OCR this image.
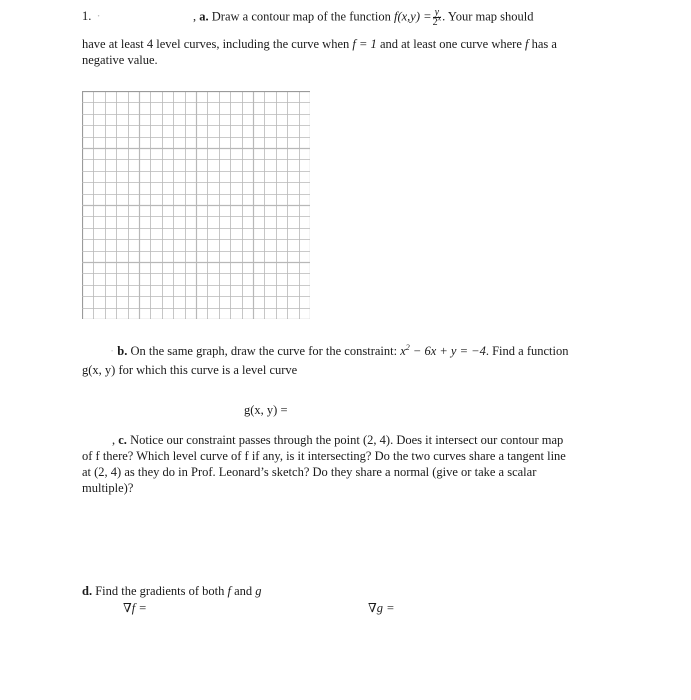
1. ·	, a. Draw a contour map of the function $f(x,y) = \frac{y}{2^x}$ . Your map should
have at least 4 level curves, including the curve when f = 1 and at least one curve where f has a
negative value.
· b. On the same graph, draw the curve for the constraint: $x^2 - 6x + y = -4$. Find a function
g(x, y) for which this curve is a level curve
g(x, y) =
, c. Notice our constraint passes through the point (2, 4). Does it intersect our contour map
of f there? Which level curve of f if any, is it intersecting? Do the two curves share a tangent line
at (2, 4) as they do in Prof. Leonard’s sketch? Do they share a normal (give or take a scalar
multiple)?
d. Find the gradients of both f and g
∇f =	∇g =
